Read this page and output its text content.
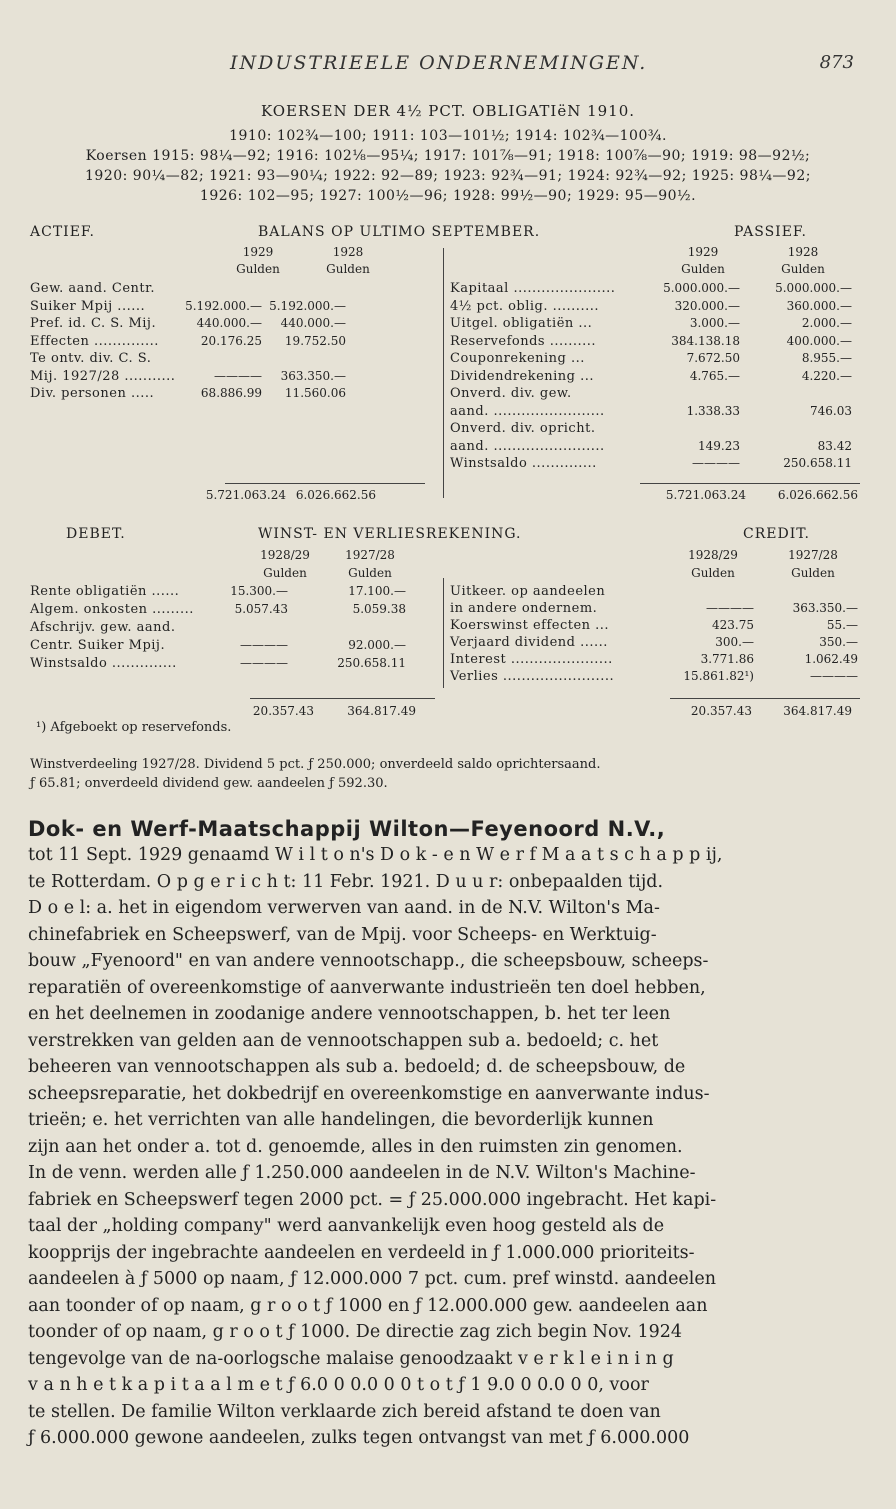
INDUSTRIEELE ONDERNEMINGEN.	873
KOERSEN DER 4½ PCT. OBLIGATIëN 1910.
1910: 102¾—100; 1911: 103—101½; 1914: 102¾—100¾.
Koersen 1915: 98¼—92; 1916: 102⅛—95¼; 1917: 101⅞—91; 1918: 100⅞—90; 1919: 98—92½;
1920: 90¼—82; 1921: 93—90¼; 1922: 92—89; 1923: 92¾—91; 1924: 92¾—92; 1925: 98¼—92;
1926: 102—95; 1927: 100½—96; 1928: 99½—90; 1929: 95—90½.
ACTIEF.	BALANS OP ULTIMO SEPTEMBER.	PASSIEF.
1929	1928
Gulden	Gulden
1929	1928
Gulden	Gulden
Gew. aand. Centr.
Suiker Mpij ......	5.192.000.— 5.192.000.—
Pref. id. C. S. Mij.	440.000.—	440.000.—
Effecten ..............	20.176.25	19.752.50
Te ontv. div. C. S.
Mij. 1927/28 ...........	————	363.350.—
Div. personen .....	68.886.99	11.560.06
Kapitaal ......................	5.000.000.—	5.000.000.—
4½ pct. oblig. ..........	320.000.—	360.000.—
Uitgel. obligatiën ...	3.000.—	2.000.—
Reservefonds ..........	384.138.18	400.000.—
Couponrekening ...	7.672.50	8.955.—
Dividendrekening ...	4.765.—	4.220.—
Onverd. div. gew.
aand. ........................	1.338.33	746.03
Onverd. div. opricht.
aand. ........................	149.23	83.42
Winstsaldo ..............	————	250.658.11
5.721.063.24 6.026.662.56	5.721.063.24	6.026.662.56
DEBET.	WINST- EN VERLIESREKENING.	CREDIT.
1928/29	1927/28
Gulden	Gulden
1928/29	1927/28
Gulden	Gulden
Rente obligatiën ......	15.300.—	17.100.—
Algem. onkosten .........	5.057.43	5.059.38
Afschrijv. gew. aand.
Centr. Suiker Mpij.	————	92.000.—
Winstsaldo ..............	————	250.658.11
Uitkeer. op aandeelen
in andere ondernem.	————	363.350.—
Koerswinst effecten ...	423.75	55.—
Verjaard dividend ......	300.—	350.—
Interest ......................	3.771.86	1.062.49
Verlies ........................	15.861.82¹)	————
20.357.43	364.817.49	20.357.43	364.817.49
¹) Afgeboekt op reservefonds.
Winstverdeeling 1927/28. Dividend 5 pct. ƒ 250.000; onverdeeld saldo oprichtersaand.
ƒ 65.81; onverdeeld dividend gew. aandeelen ƒ 592.30.
Dok- en Werf-Maatschappij Wilton—Feyenoord N.V.,
tot 11 Sept. 1929 genaamd W i l t o n's D o k - e n W e r f M a a t s c h a p p ij,
te Rotterdam. O p g e r i c h t: 11 Febr. 1921. D u u r: onbepaalden tijd.
D o e l: a. het in eigendom verwerven van aand. in de N.V. Wilton's Ma-
chinefabriek en Scheepswerf, van de Mpij. voor Scheeps- en Werktuig-
bouw „Fyenoord" en van andere vennootschapp., die scheepsbouw, scheeps-
reparatiën of overeenkomstige of aanverwante industrieën ten doel hebben,
en het deelnemen in zoodanige andere vennootschappen, b. het ter leen
verstrekken van gelden aan de vennootschappen sub a. bedoeld; c. het
beheeren van vennootschappen als sub a. bedoeld; d. de scheepsbouw, de
scheepsreparatie, het dokbedrijf en overeenkomstige en aanverwante indus-
trieën; e. het verrichten van alle handelingen, die bevorderlijk kunnen
zijn aan het onder a. tot d. genoemde, alles in den ruimsten zin genomen.
In de venn. werden alle ƒ 1.250.000 aandeelen in de N.V. Wilton's Machine-
fabriek en Scheepswerf tegen 2000 pct. = ƒ 25.000.000 ingebracht. Het kapi-
taal der „holding company" werd aanvankelijk even hoog gesteld als de
koopprijs der ingebrachte aandeelen en verdeeld in ƒ 1.000.000 prioriteits-
aandeelen à ƒ 5000 op naam, ƒ 12.000.000 7 pct. cum. pref winstd. aandeelen
aan toonder of op naam, g r o o t ƒ 1000 en ƒ 12.000.000 gew. aandeelen aan
toonder of op naam, g r o o t ƒ 1000. De directie zag zich begin Nov. 1924
tengevolge van de na-oorlogsche malaise genoodzaakt v e r k l e i n i n g
v a n h e t k a p i t a a l m e t ƒ 6.0 0 0.0 0 0 t o t ƒ 1 9.0 0 0.0 0 0, voor
te stellen. De familie Wilton verklaarde zich bereid afstand te doen van
ƒ 6.000.000 gewone aandeelen, zulks tegen ontvangst van met ƒ 6.000.000
